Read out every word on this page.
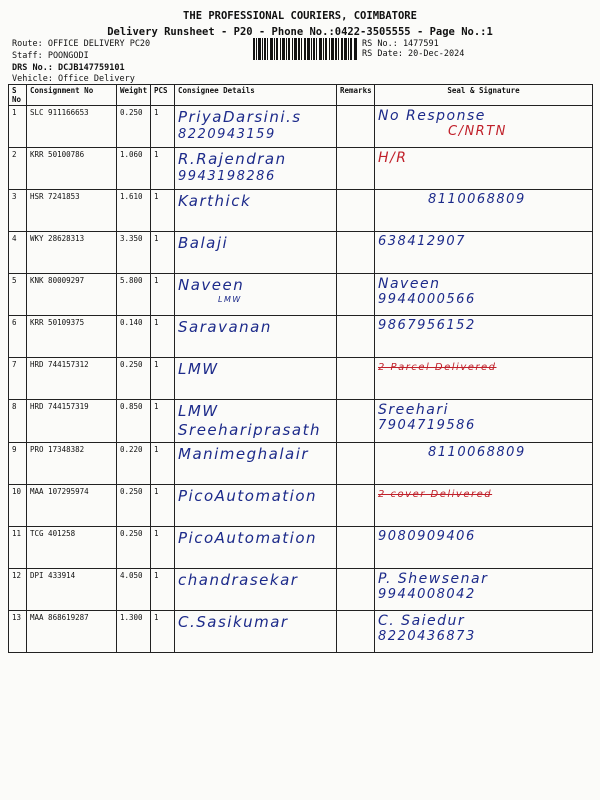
THE PROFESSIONAL COURIERS, COIMBATORE
Delivery Runsheet - P20 - Phone No.:0422-3505555 - Page No.:1
Route: OFFICE DELIVERY PC20
Staff: POONGODI
DRS No.: DCJB147759101
Vehicle: Office Delivery
RS No.: 1477591
RS Date: 20-Dec-2024
S No	Consignment No	Weight	PCS	Consignee Details	Remarks	Seal & Signature
1	SLC 911166653	0.250	1	PriyaDarsini.s
8220943159		No Response
C/NRTN

2	KRR 50100786	1.060	1	R.Rajendran
9943198286		H/R

3	HSR 7241853	1.610	1	Karthick		8110068809

4	WKY 28628313	3.350	1	Balaji		638412907

5	KNK 80009297	5.800	1	Naveen
LMW		Naveen
9944000566

6	KRR 50109375	0.140	1	Saravanan		9867956152

7	HRD 744157312	0.250	1	LMW		2 Parcel Delivered

8	HRD 744157319	0.850	1	LMW
Sreehariprasath		Sreehari
7904719586

9	PRO 17348382	0.220	1	Manimeghalair		8110068809

10	MAA 107295974	0.250	1	PicoAutomation		2 cover Delivered

11	TCG 401258	0.250	1	PicoAutomation		9080909406

12	DPI 433914	4.050	1	chandrasekar		P. Shewsenar
9944008042

13	MAA 868619287	1.300	1	C.Sasikumar		C. Saiedur
8220436873
